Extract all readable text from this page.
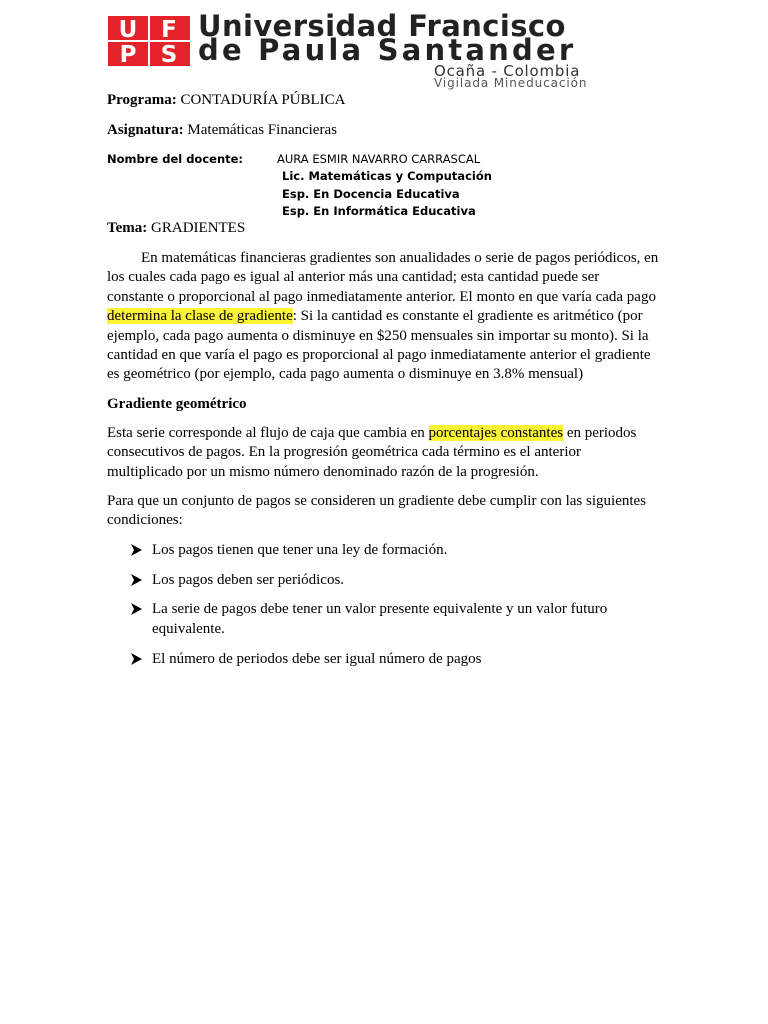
U F
P S
Universidad Francisco
de Paula Santander
Ocaña - Colombia
Vigilada Mineducación
Programa: CONTADURÍA PÚBLICA
Asignatura: Matemáticas Financieras
Nombre del docente:	AURA ESMIR NAVARRO CARRASCAL
Lic. Matemáticas y Computación
Esp. En Docencia Educativa
Esp. En Informática Educativa
Tema: GRADIENTES
En matemáticas financieras gradientes son anualidades o serie de pagos periódicos, en
los cuales cada pago es igual al anterior más una cantidad; esta cantidad puede ser
constante o proporcional al pago inmediatamente anterior. El monto en que varía cada pago
determina la clase de gradiente: Si la cantidad es constante el gradiente es aritmético (por
ejemplo, cada pago aumenta o disminuye en $250 mensuales sin importar su monto). Si la
cantidad en que varía el pago es proporcional al pago inmediatamente anterior el gradiente
es geométrico (por ejemplo, cada pago aumenta o disminuye en 3.8% mensual)
Gradiente geométrico
Esta serie corresponde al flujo de caja que cambia en porcentajes constantes en periodos
consecutivos de pagos. En la progresión geométrica cada término es el anterior
multiplicado por un mismo número denominado razón de la progresión.
Para que un conjunto de pagos se consideren un gradiente debe cumplir con las siguientes
condiciones:
Los pagos tienen que tener una ley de formación.
Los pagos deben ser periódicos.
La serie de pagos debe tener un valor presente equivalente y un valor futuro
equivalente.
El número de periodos debe ser igual número de pagos
